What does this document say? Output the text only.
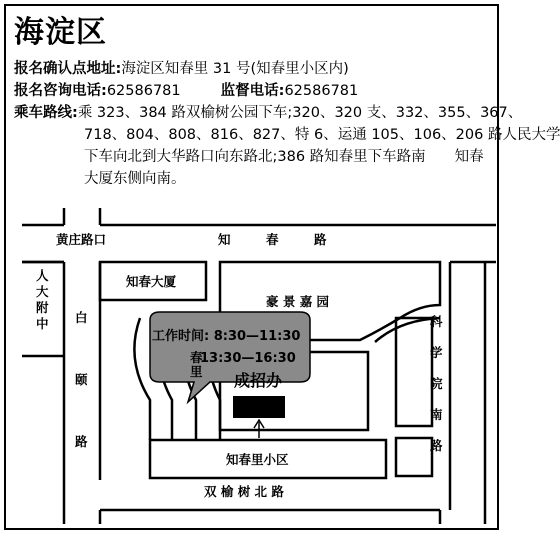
海淀区
报名确认点地址:海淀区知春里 31 号(知春里小区内)
报名咨询电话:62586781	监督电话:62586781
乘车路线:乘 323、384 路双榆树公园下车;320、320 支、332、355、367、
718、804、808、816、827、特 6、运通 105、106、206 路人民大学
下车向北到大华路口向东路北;386 路知春里下车路南　　知春
大厦东侧向南。
工作时间: 8:30—11:30
13:30—16:30
成招办
黄庄路口	知	春	路
人
大
附
中 白
颐
路
知春大厦
豪 景 嘉 园
科
学
院
南
路
春
里
知春里小区
双 榆 树 北 路
